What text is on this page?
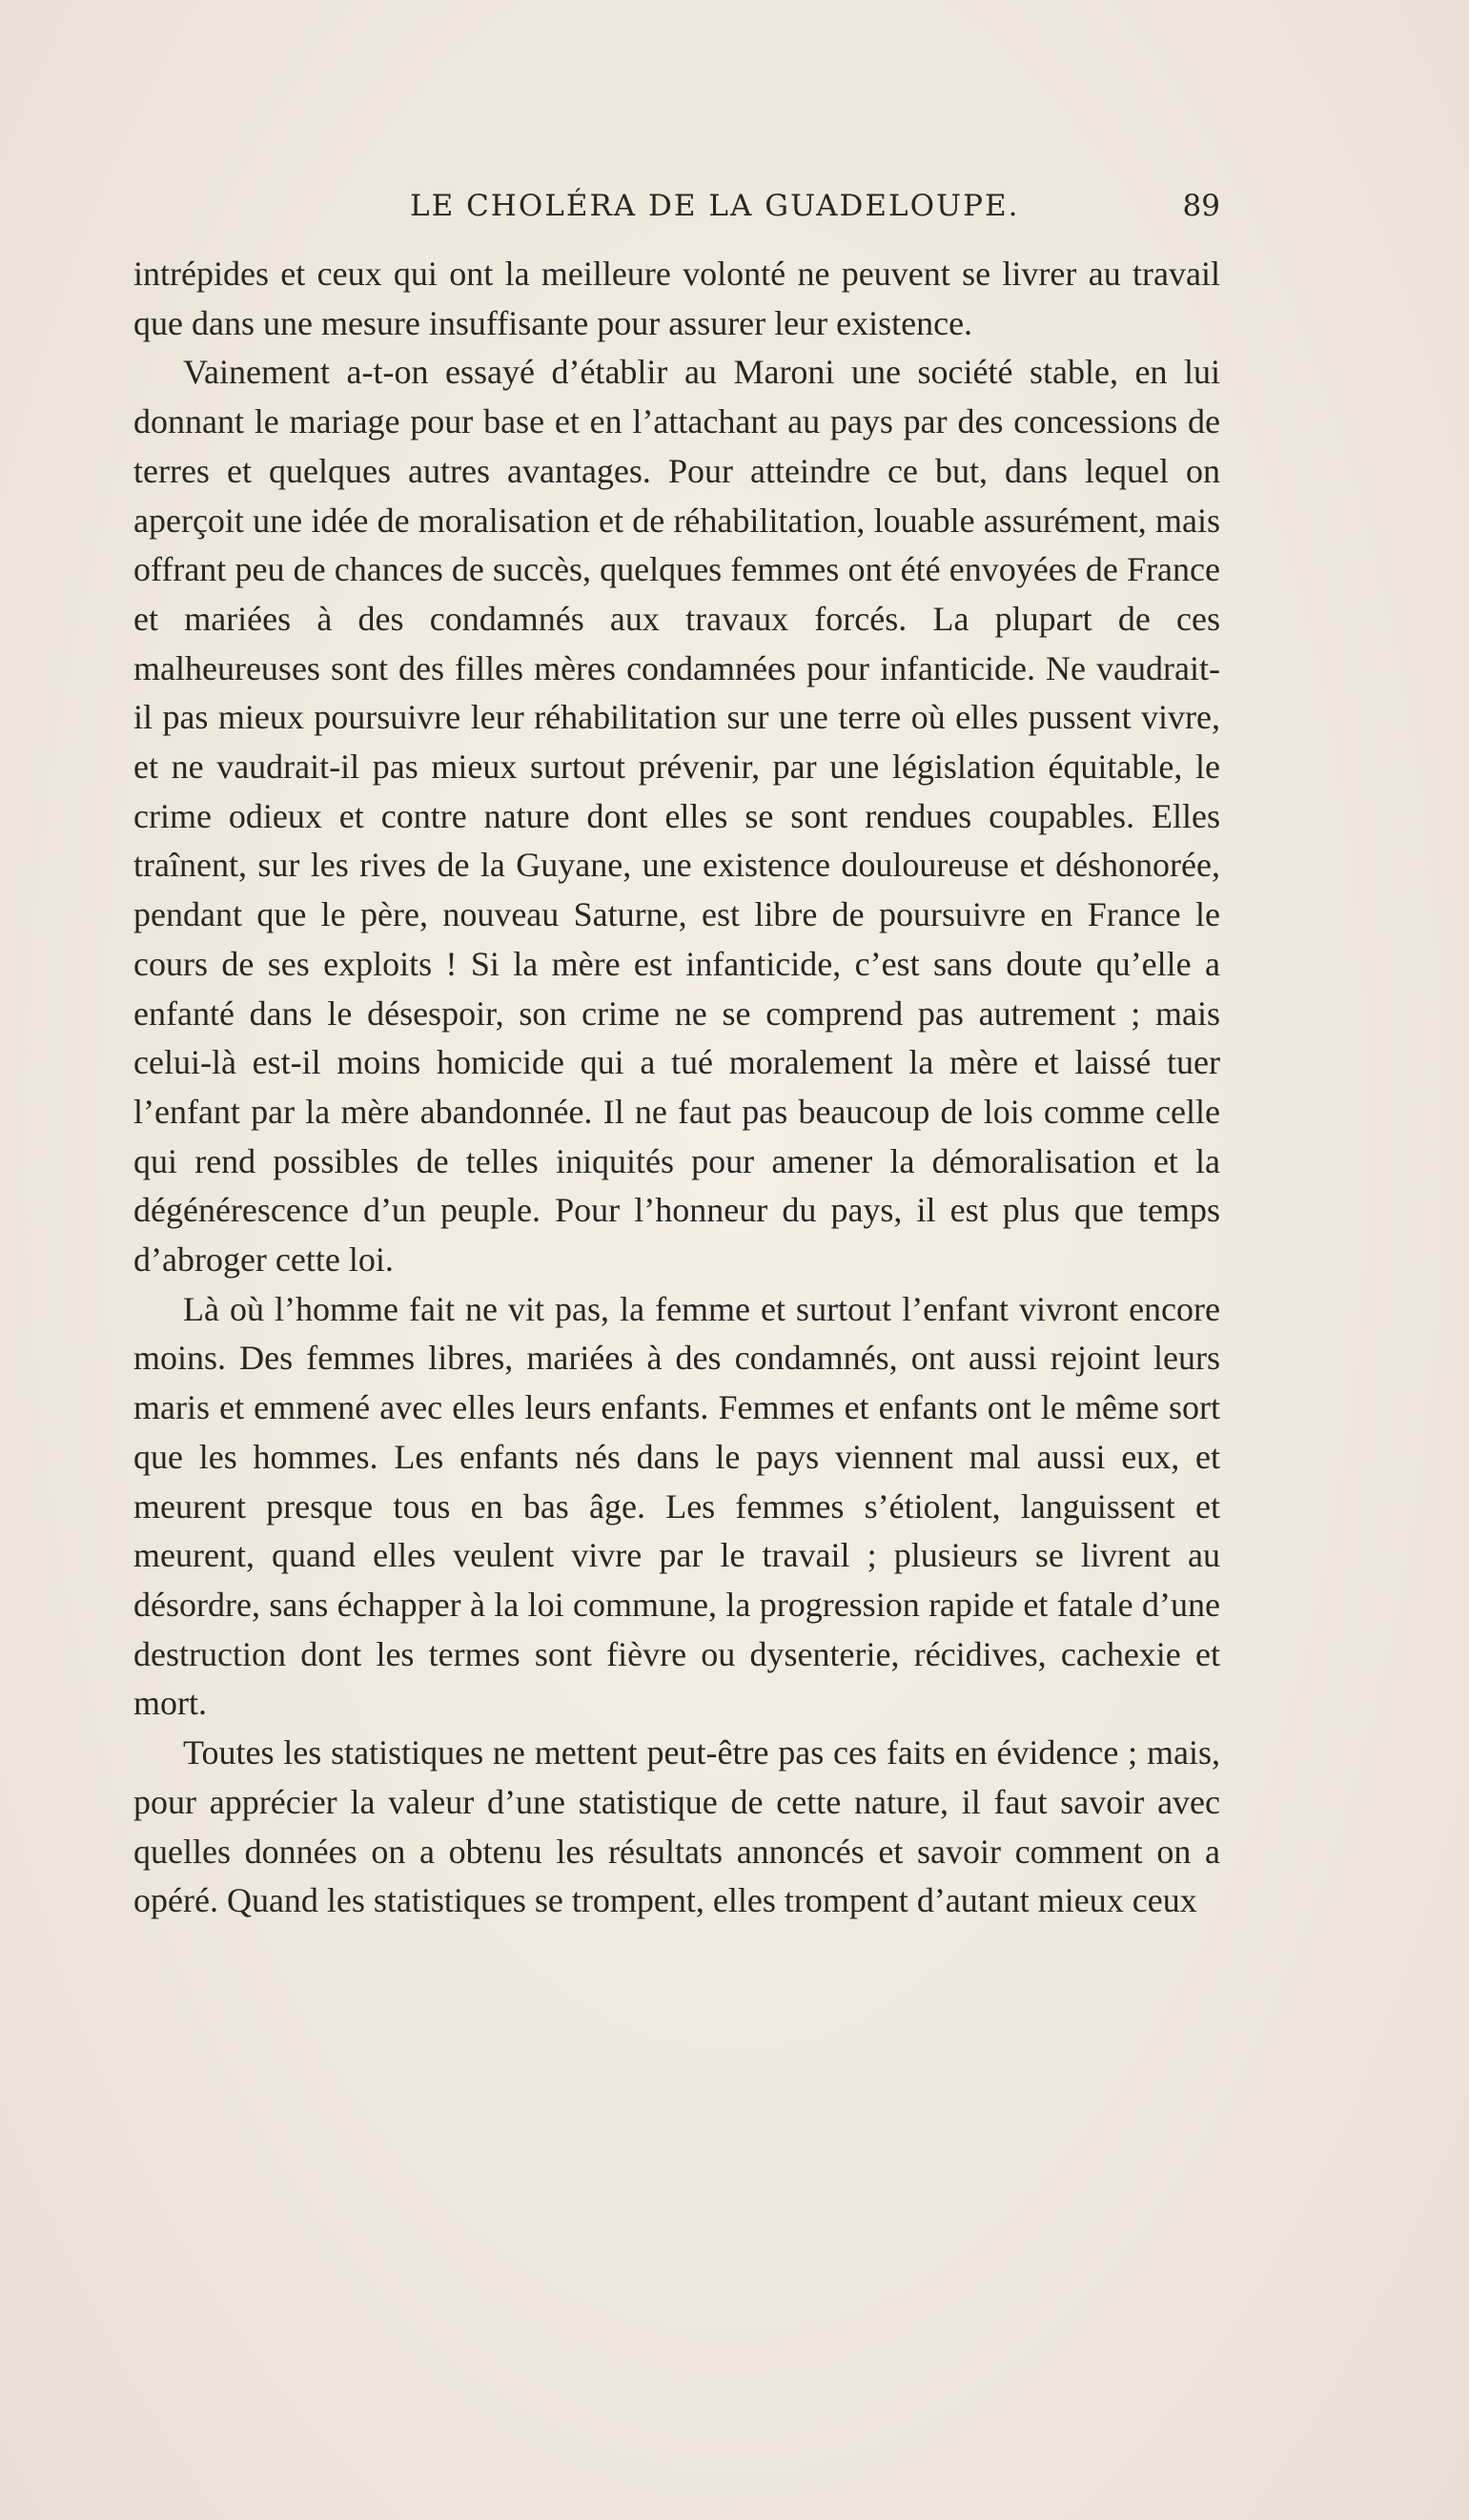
LE CHOLÉRA DE LA GUADELOUPE.	89

intrépides et ceux qui ont la meilleure volonté ne peuvent se livrer au travail que dans une mesure insuffisante pour assurer leur existence.

Vainement a-t-on essayé d’établir au Maroni une société stable, en lui donnant le mariage pour base et en l’attachant au pays par des concessions de terres et quelques autres avantages. Pour atteindre ce but, dans lequel on aperçoit une idée de moralisation et de réhabilitation, louable assurément, mais offrant peu de chances de succès, quelques femmes ont été envoyées de France et mariées à des condamnés aux travaux forcés. La plupart de ces malheureuses sont des filles mères condamnées pour infanticide. Ne vaudrait-il pas mieux poursuivre leur réhabilitation sur une terre où elles pussent vivre, et ne vaudrait-il pas mieux surtout prévenir, par une législation équitable, le crime odieux et contre nature dont elles se sont rendues coupables. Elles traînent, sur les rives de la Guyane, une existence douloureuse et déshonorée, pendant que le père, nouveau Saturne, est libre de poursuivre en France le cours de ses exploits ! Si la mère est infanticide, c’est sans doute qu’elle a enfanté dans le désespoir, son crime ne se comprend pas autrement ; mais celui-là est-il moins homicide qui a tué moralement la mère et laissé tuer l’enfant par la mère abandonnée. Il ne faut pas beaucoup de lois comme celle qui rend possibles de telles iniquités pour amener la démoralisation et la dégénérescence d’un peuple. Pour l’honneur du pays, il est plus que temps d’abroger cette loi.

Là où l’homme fait ne vit pas, la femme et surtout l’enfant vivront encore moins. Des femmes libres, mariées à des condamnés, ont aussi rejoint leurs maris et emmené avec elles leurs enfants. Femmes et enfants ont le même sort que les hommes. Les enfants nés dans le pays viennent mal aussi eux, et meurent presque tous en bas âge. Les femmes s’étiolent, languissent et meurent, quand elles veulent vivre par le travail ; plusieurs se livrent au désordre, sans échapper à la loi commune, la progression rapide et fatale d’une destruction dont les termes sont fièvre ou dysenterie, récidives, cachexie et mort.

Toutes les statistiques ne mettent peut-être pas ces faits en évidence ; mais, pour apprécier la valeur d’une statistique de cette nature, il faut savoir avec quelles données on a obtenu les résultats annoncés et savoir comment on a opéré. Quand les statistiques se trompent, elles trompent d’autant mieux ceux
